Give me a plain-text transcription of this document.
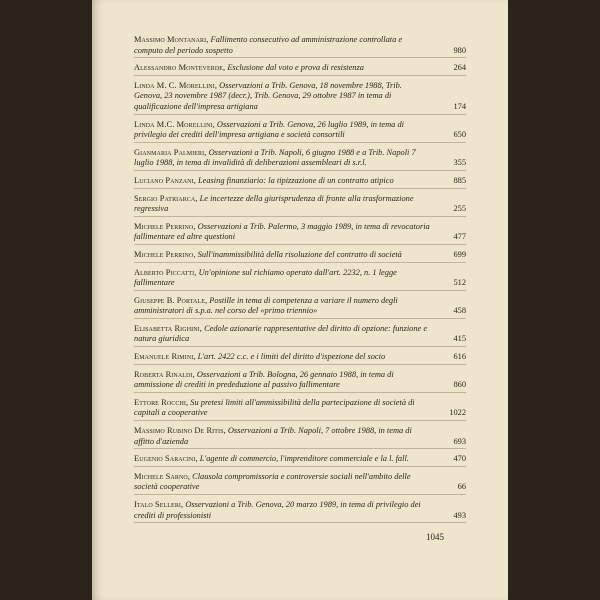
Massimo Montanari, Fallimento consecutivo ad amministrazione controllata e computo del periodo sospetto	980
Alessandro Monteverde, Esclusione dal voto e prova di resistenza	264
Linda M. C. Morellini, Osservazioni a Trib. Genova, 18 novembre 1988, Trib. Genova, 23 novembre 1987 (decr.), Trib. Genova, 29 ottobre 1987 in tema di qualificazione dell'impresa artigiana	174
Linda M.C. Morellini, Osservazioni a Trib. Genova, 26 luglio 1989, in tema di privilegio dei crediti dell'impresa artigiana e società consortili	650
Gianmaria Palmieri, Osservazioni a Trib. Napoli, 6 giugno 1988 e a Trib. Napoli 7 luglio 1988, in tema di invalidità di deliberazioni assembleari di s.r.l.	355
Luciano Panzani, Leasing finanziario: la tipizzazione di un contratto atipico	885
Sergio Patriarca, Le incertezze della giurisprudenza di fronte alla trasformazione regressiva	255
Michele Perrino, Osservazioni a Trib. Palermo, 3 maggio 1989, in tema di revocatoria fallimentare ed altre questioni	477
Michele Perrino, Sull'inammissibilità della risoluzione del contratto di società	699
Alberto Piccatti, Un'opinione sul richiamo operato dall'art. 2232, n. 1 legge fallimentare	512
Giuseppe B. Portale, Postille in tema di competenza a variare il numero degli amministratori di s.p.a. nel corso del «primo triennio»	458
Elisabetta Righini, Cedole azionarie rappresentative del diritto di opzione: funzione e natura giuridica	415
Emanuele Rimini, L'art. 2422 c.c. e i limiti del diritto d'ispezione del socio	616
Roberta Rinaldi, Osservazioni a Trib. Bologna, 26 gennaio 1988, in tema di ammissione di crediti in prededuzione al passivo fallimentare	860
Ettore Rocchi, Su pretesi limiti all'ammissibilità della partecipazione di società di capitali a cooperative	1022
Massimo Rubino De Ritis, Osservazioni a Trib. Napoli, 7 ottobre 1988, in tema di affitto d'azienda	693
Eugenio Saracini, L'agente di commercio, l'imprenditore commerciale e la l. fall.	470
Michele Sarno, Clausola compromissoria e controversie sociali nell'ambito delle società cooperative	66
Italo Selleri, Osservazioni a Trib. Genova, 20 marzo 1989, in tema di privilegio dei crediti di professionisti	493
1045
